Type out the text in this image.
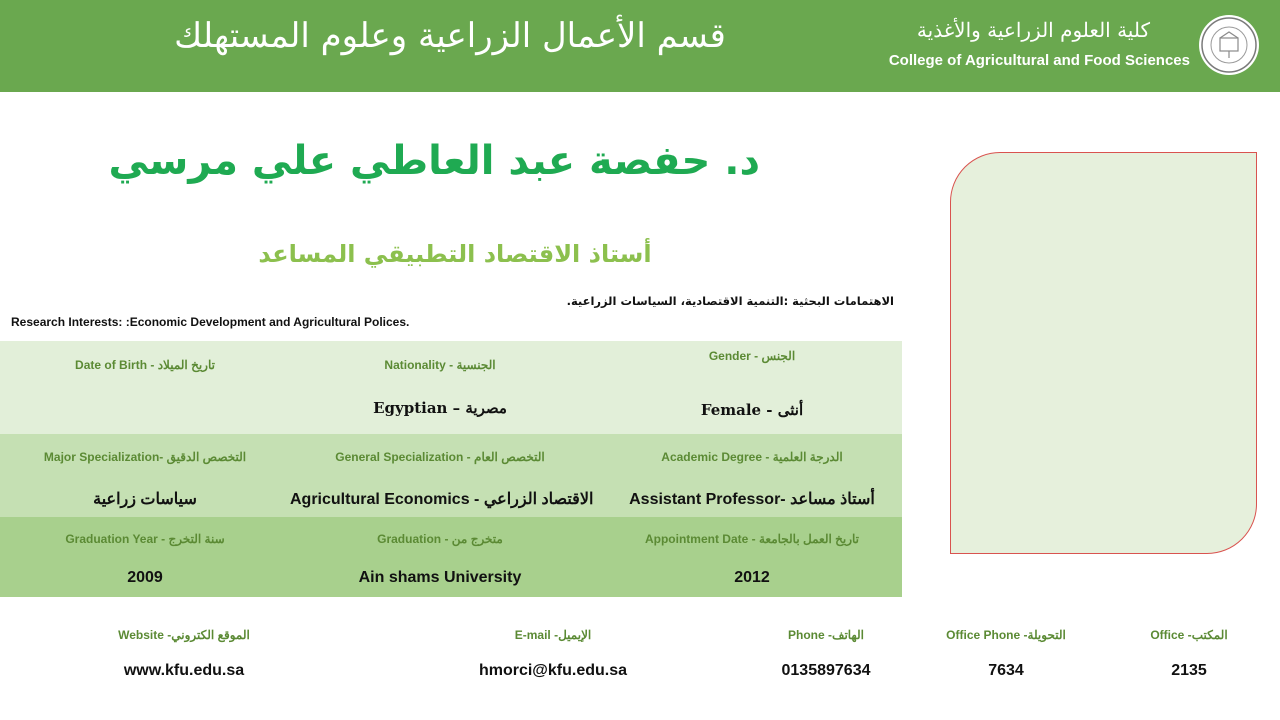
قسم الأعمال الزراعية وعلوم المستهلك	كلية العلوم الزراعية والأغذية
College of Agricultural and Food Sciences
د. حفصة عبد العاطي علي مرسي
أستاذ الاقتصاد التطبيقي المساعد
الاهتمامات البحثية :التنمية الاقتصادية، السياسات الزراعية.
Research Interests: :Economic Development and Agricultural Polices.
Gender - الجنس
Female - أنثى
Nationality - الجنسية
Egyptian – مصرية
Date of Birth - تاريخ الميلاد
Academic Degree - الدرجة العلمية
Assistant Professor- أستاذ مساعد
General Specialization - التخصص العام
Agricultural Economics - الاقتصاد الزراعي
Major Specialization- التخصص الدقيق
سياسات زراعية
Appointment Date - تاريخ العمل بالجامعة
2012
Graduation - متخرج من
Ain shams University
Graduation Year - سنة التخرج
2009
Office -المكتب
2135
Office Phone -التحويلة
7634
Phone -الهاتف
0135897634
E-mail -الإيميل
hmorci@kfu.edu.sa
Website -الموقع الكتروني
www.kfu.edu.sa
